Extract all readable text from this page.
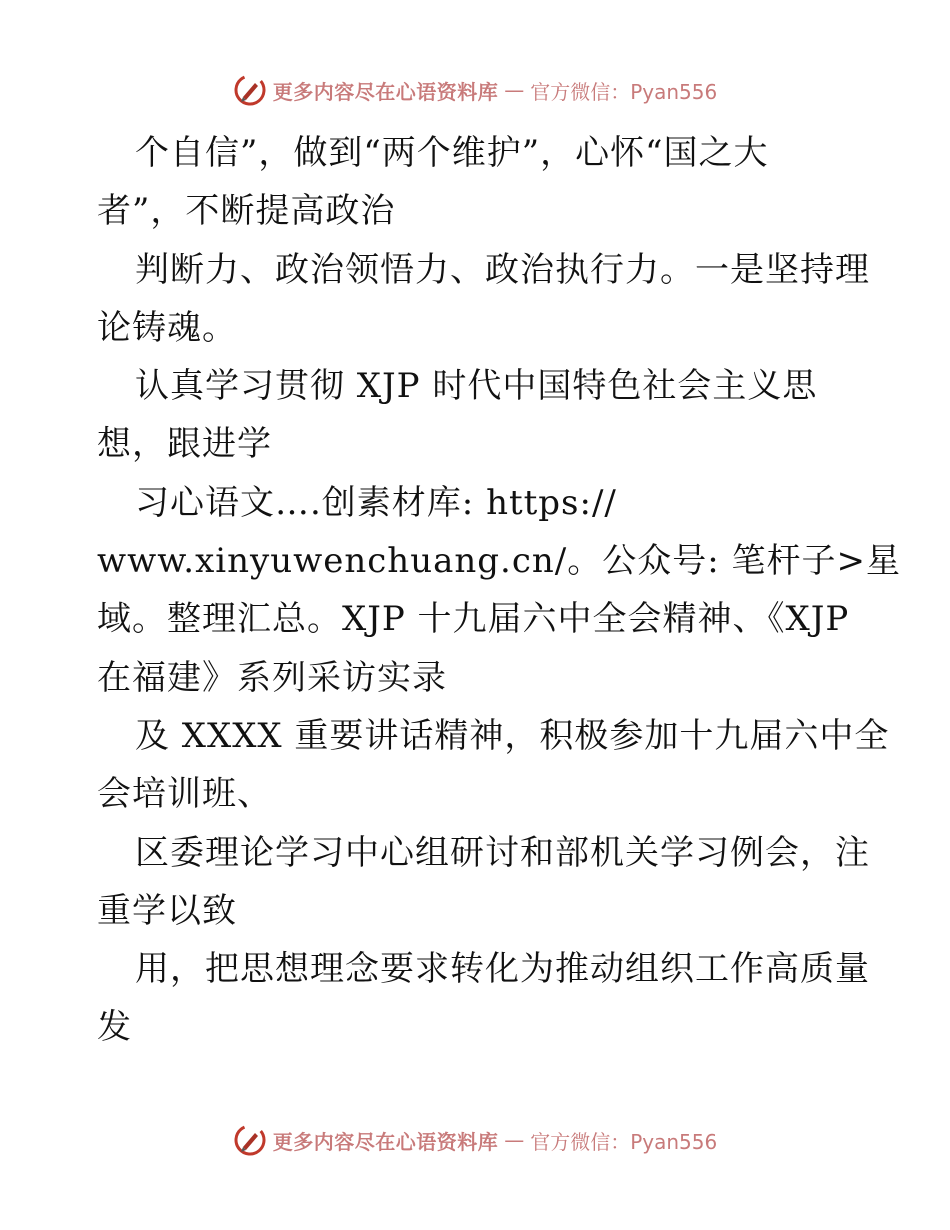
更多内容尽在心语资料库 — 官方微信：Pyan556
个自信”，做到“两个维护”，心怀“国之大
者”，不断提高政治
判断力、政治领悟力、政治执行力。一是坚持理
论铸魂。
认真学习贯彻 XJP 时代中国特色社会主义思
想，跟进学
习心语文….创素材库: https://
www.xinyuwenchuang.cn/。公众号: 笔杆子>星
域。整理汇总。XJP 十九届六中全会精神、《XJP
在福建》系列采访实录
及 XXXX 重要讲话精神，积极参加十九届六中全
会培训班、
区委理论学习中心组研讨和部机关学习例会，注
重学以致
用，把思想理念要求转化为推动组织工作高质量
发
更多内容尽在心语资料库 — 官方微信：Pyan556
